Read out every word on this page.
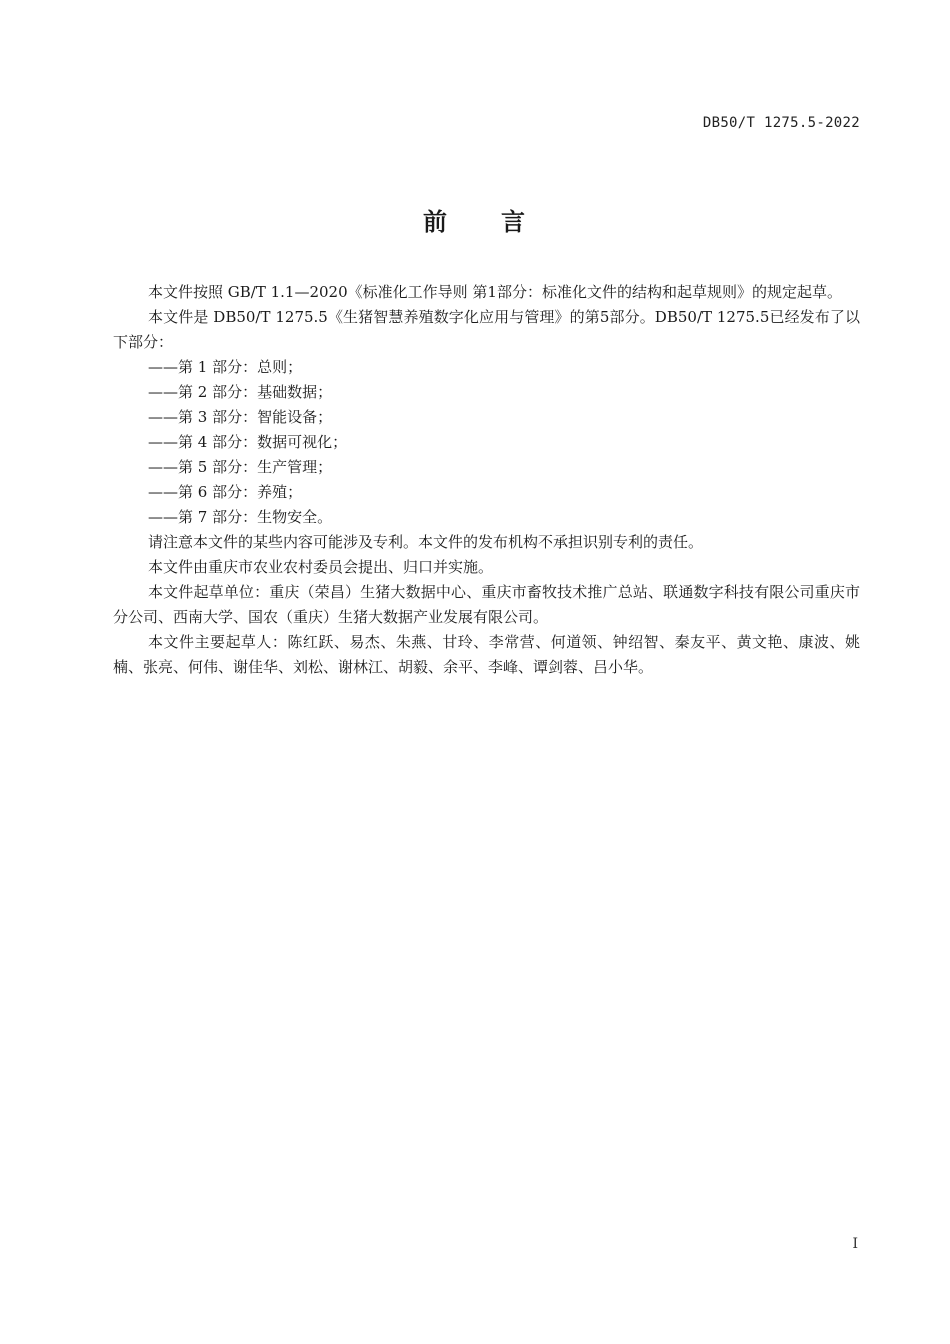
DB50/T 1275.5-2022
前 言

本文件按照 GB/T 1.1—2020《标准化工作导则 第1部分：标准化文件的结构和起草规则》的规定起草。

本文件是 DB50/T 1275.5《生猪智慧养殖数字化应用与管理》的第5部分。DB50/T 1275.5已经发布了以下部分：

——第 1 部分：总则；

——第 2 部分：基础数据；

——第 3 部分：智能设备；

——第 4 部分：数据可视化；

——第 5 部分：生产管理；

——第 6 部分：养殖；

——第 7 部分：生物安全。

请注意本文件的某些内容可能涉及专利。本文件的发布机构不承担识别专利的责任。

本文件由重庆市农业农村委员会提出、归口并实施。

本文件起草单位：重庆（荣昌）生猪大数据中心、重庆市畜牧技术推广总站、联通数字科技有限公司重庆市分公司、西南大学、国农（重庆）生猪大数据产业发展有限公司。

本文件主要起草人：陈红跃、易杰、朱燕、甘玲、李常营、何道领、钟绍智、秦友平、黄文艳、康波、姚楠、张亮、何伟、谢佳华、刘松、谢林江、胡毅、余平、李峰、谭剑蓉、吕小华。

I
